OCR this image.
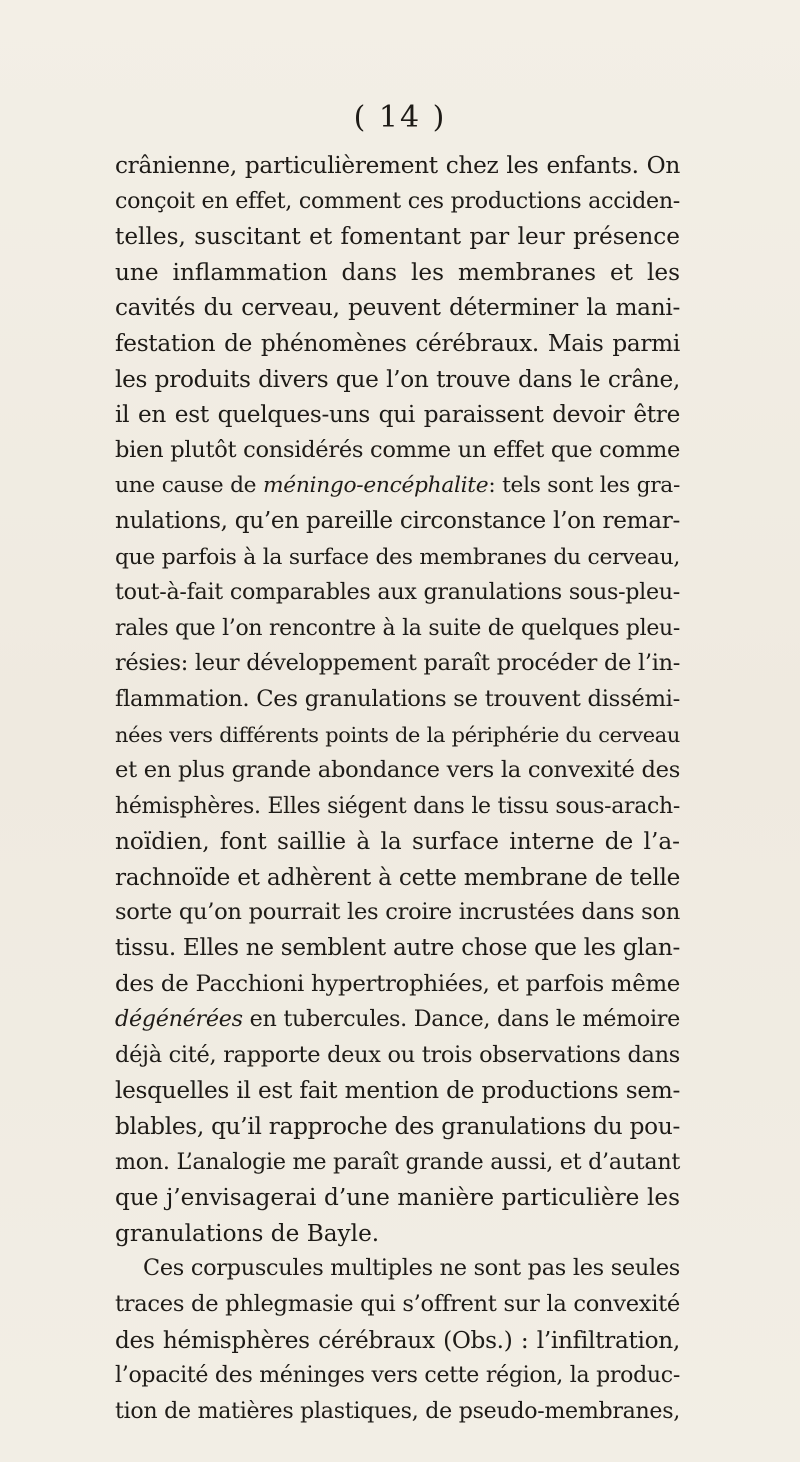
( 14 )
crânienne, particulièrement chez les enfants. On
conçoit en effet, comment ces productions acciden-
telles, suscitant et fomentant par leur présence
une inflammation dans les membranes et les
cavités du cerveau, peuvent déterminer la mani-
festation de phénomènes cérébraux. Mais parmi
les produits divers que l’on trouve dans le crâne,
il en est quelques-uns qui paraissent devoir être
bien plutôt considérés comme un effet que comme
une cause de méningo-encéphalite: tels sont les gra-
nulations, qu’en pareille circonstance l’on remar-
que parfois à la surface des membranes du cerveau,
tout-à-fait comparables aux granulations sous-pleu-
rales que l’on rencontre à la suite de quelques pleu-
résies: leur développement paraît procéder de l’in-
flammation. Ces granulations se trouvent dissémi-
nées vers différents points de la périphérie du cerveau
et en plus grande abondance vers la convexité des
hémisphères. Elles siégent dans le tissu sous-arach-
noïdien, font saillie à la surface interne de l’a-
rachnoïde et adhèrent à cette membrane de telle
sorte qu’on pourrait les croire incrustées dans son
tissu. Elles ne semblent autre chose que les glan-
des de Pacchioni hypertrophiées, et parfois même
dégénérées en tubercules. Dance, dans le mémoire
déjà cité, rapporte deux ou trois observations dans
lesquelles il est fait mention de productions sem-
blables, qu’il rapproche des granulations du pou-
mon. L’analogie me paraît grande aussi, et d’autant
que j’envisagerai d’une manière particulière les
granulations de Bayle.
Ces corpuscules multiples ne sont pas les seules
traces de phlegmasie qui s’offrent sur la convexité
des hémisphères cérébraux (Obs.) : l’infiltration,
l’opacité des méninges vers cette région, la produc-
tion de matières plastiques, de pseudo-membranes,
